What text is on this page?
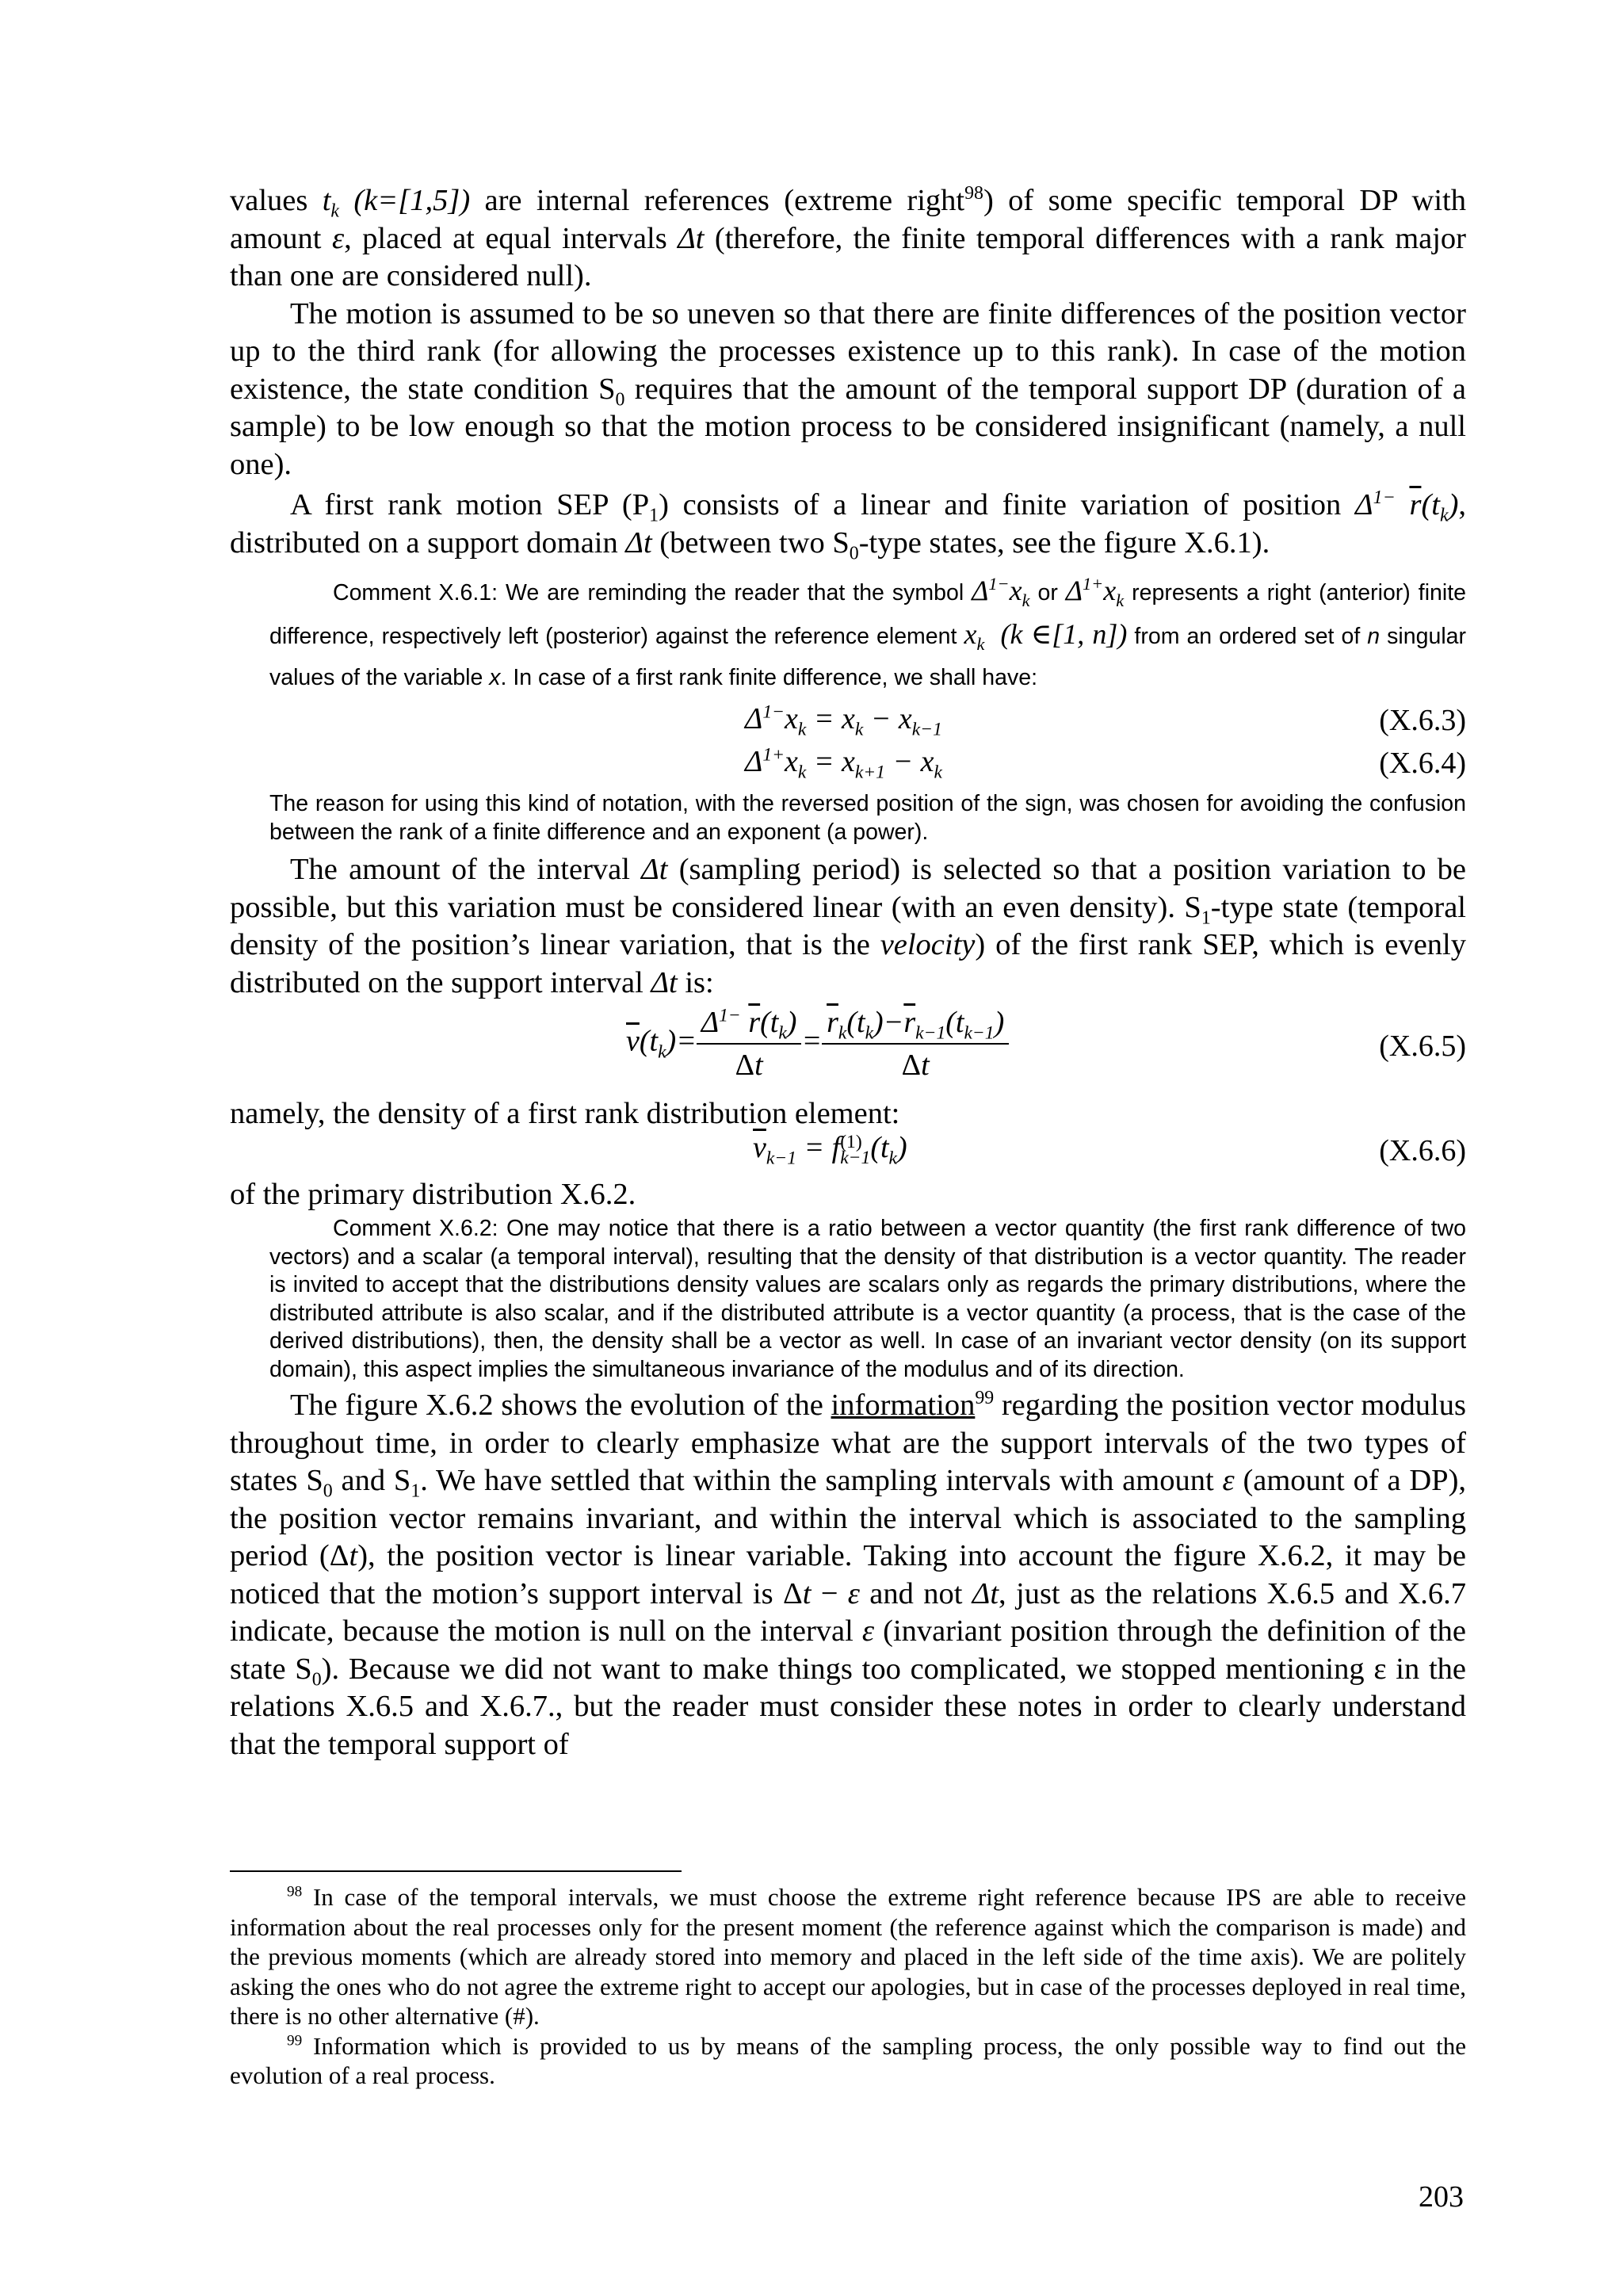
values $t_k$ (k=[1,5]) are internal references (extreme right$^{98}$) of some specific temporal DP with amount ε, placed at equal intervals Δt (therefore, the finite temporal differences with a rank major than one are considered null).

The motion is assumed to be so uneven so that there are finite differences of the position vector up to the third rank (for allowing the processes existence up to this rank). In case of the motion existence, the state condition $S_0$ requires that the amount of the temporal support DP (duration of a sample) to be low enough so that the motion process to be considered insignificant (namely, a null one).

A first rank motion SEP $(P_1)$ consists of a linear and finite variation of position $\Delta^{1-}$ $\overline{r}(t_k)$, distributed on a support domain Δt (between two $S_0$-type states, see the figure X.6.1).

Comment X.6.1: We are reminding the reader that the symbol $\Delta^{1-}x_k$ or $\Delta^{1+}x_k$ represents a right (anterior) finite difference, respectively left (posterior) against the reference element $x_k$  (k ∈[1, n]) from an ordered set of n singular values of the variable x. In case of a first rank finite difference, we shall have:

$\Delta^{1-}x_k = x_k - x_{k-1}$	(X.6.3)
$\Delta^{1+}x_k = x_{k+1} - x_k$	(X.6.4)

The reason for using this kind of notation, with the reversed position of the sign, was chosen for avoiding the confusion between the rank of a finite difference and an exponent (a power).

The amount of the interval Δt (sampling period) is selected so that a position variation to be possible, but this variation must be considered linear (with an even density). $S_1$-type state (temporal density of the position’s linear variation, that is the velocity) of the first rank SEP, which is evenly distributed on the support interval Δt is:

$\overline{v}(t_k)= \frac{\Delta^{1-} \overline{r}(t_k)}{\Delta t} = \frac{\overline{r}_k(t_k)-\overline{r}_{k-1}(t_{k-1})}{\Delta t}$	(X.6.5)

namely, the density of a first rank distribution element:

$\overline{v}_{k-1} = f$ (1)
k−1 $(t_k)$	(X.6.6)

of the primary distribution X.6.2.

Comment X.6.2: One may notice that there is a ratio between a vector quantity (the first rank difference of two vectors) and a scalar (a temporal interval), resulting that the density of that distribution is a vector quantity. The reader is invited to accept that the distributions density values are scalars only as regards the primary distributions, where the distributed attribute is also scalar, and if the distributed attribute is a vector quantity (a process, that is the case of the derived distributions), then, the density shall be a vector as well. In case of an invariant vector density (on its support domain), this aspect implies the simultaneous invariance of the modulus and of its direction.

The figure X.6.2 shows the evolution of the information$^{99}$ regarding the position vector modulus throughout time, in order to clearly emphasize what are the support intervals of the two types of states $S_0$ and $S_1$. We have settled that within the sampling intervals with amount ε (amount of a DP), the position vector remains invariant, and within the interval which is associated to the sampling period (Δt), the position vector is linear variable. Taking into account the figure X.6.2, it may be noticed that the motion’s support interval is Δt − ε and not Δt, just as the relations X.6.5 and X.6.7 indicate, because the motion is null on the interval ε (invariant position through the definition of the state $S_0$). Because we did not want to make things too complicated, we stopped mentioning ε in the relations X.6.5 and X.6.7., but the reader must consider these notes in order to clearly understand that the temporal support of

$^{98}$ In case of the temporal intervals, we must choose the extreme right reference because IPS are able to receive information about the real processes only for the present moment (the reference against which the comparison is made) and the previous moments (which are already stored into memory and placed in the left side of the time axis). We are politely asking the ones who do not agree the extreme right to accept our apologies, but in case of the processes deployed in real time, there is no other alternative (#).

$^{99}$ Information which is provided to us by means of the sampling process, the only possible way to find out the evolution of a real process.

203
